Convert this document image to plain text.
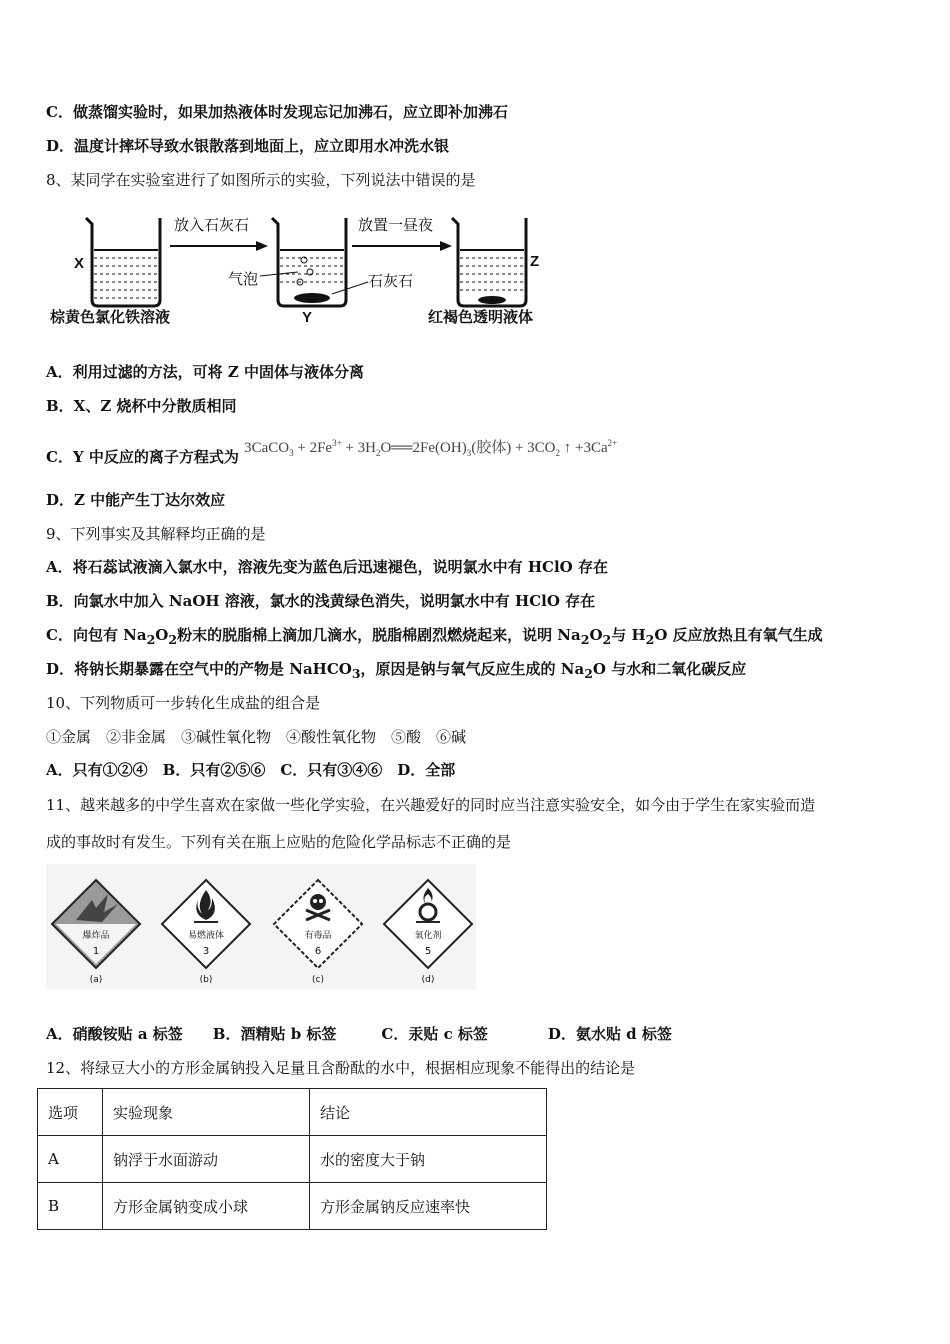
C．做蒸馏实验时，如果加热液体时发现忘记加沸石，应立即补加沸石
D．温度计摔坏导致水银散落到地面上，应立即用水冲洗水银
8、某同学在实验室进行了如图所示的实验，下列说法中错误的是
X
棕黄色氯化铁溶液
放入石灰石
Y
气泡
放置一昼夜
石灰石
Z
红褐色透明液体
A．利用过滤的方法，可将 Z 中固体与液体分离
B．X、Z 烧杯中分散质相同
C．Y 中反应的离子方程式为 3CaCO$_3$ + $2Fe^{3+}$ + $3H_2O══2Fe(OH)_3$(胶体) + $3CO_2$ ↑ $+3Ca^{2+}$
D．Z 中能产生丁达尔效应
9、下列事实及其解释均正确的是
A．将石蕊试液滴入氯水中，溶液先变为蓝色后迅速褪色，说明氯水中有 HClO 存在
B．向氯水中加入 NaOH 溶液，氯水的浅黄绿色消失，说明氯水中有 HClO 存在
C．向包有 $Na_2O_2$粉末的脱脂棉上滴加几滴水，脱脂棉剧烈燃烧起来，说明 $Na_2O_2$与 $H_2O$ 反应放热且有氧气生成
D．将钠长期暴露在空气中的产物是 NaHCO$_3$，原因是钠与氧气反应生成的 $Na_2O$ 与水和二氧化碳反应
10、下列物质可一步转化生成盐的组合是
①金属　②非金属　③碱性氧化物　④酸性氧化物　⑤酸　⑥碱
A．只有①②④　B．只有②⑤⑥　C．只有③④⑥　D．全部
11、越来越多的中学生喜欢在家做一些化学实验，在兴趣爱好的同时应当注意实验安全，如今由于学生在家实验而造
成的事故时有发生。下列有关在瓶上应贴的危险化学品标志不正确的是
爆炸品
1
(a)
易燃液体
3
(b)
有毒品
6
(c)
氧化剂
5
(d)
A．硝酸铵贴 a 标签　　B．酒精贴 b 标签　　　C．汞贴 c 标签　　　　D．氨水贴 d 标签
12、将绿豆大小的方形金属钠投入足量且含酚酞的水中，根据相应现象不能得出的结论是
选项	实验现象	结论
A	钠浮于水面游动	水的密度大于钠
B	方形金属钠变成小球	方形金属钠反应速率快
